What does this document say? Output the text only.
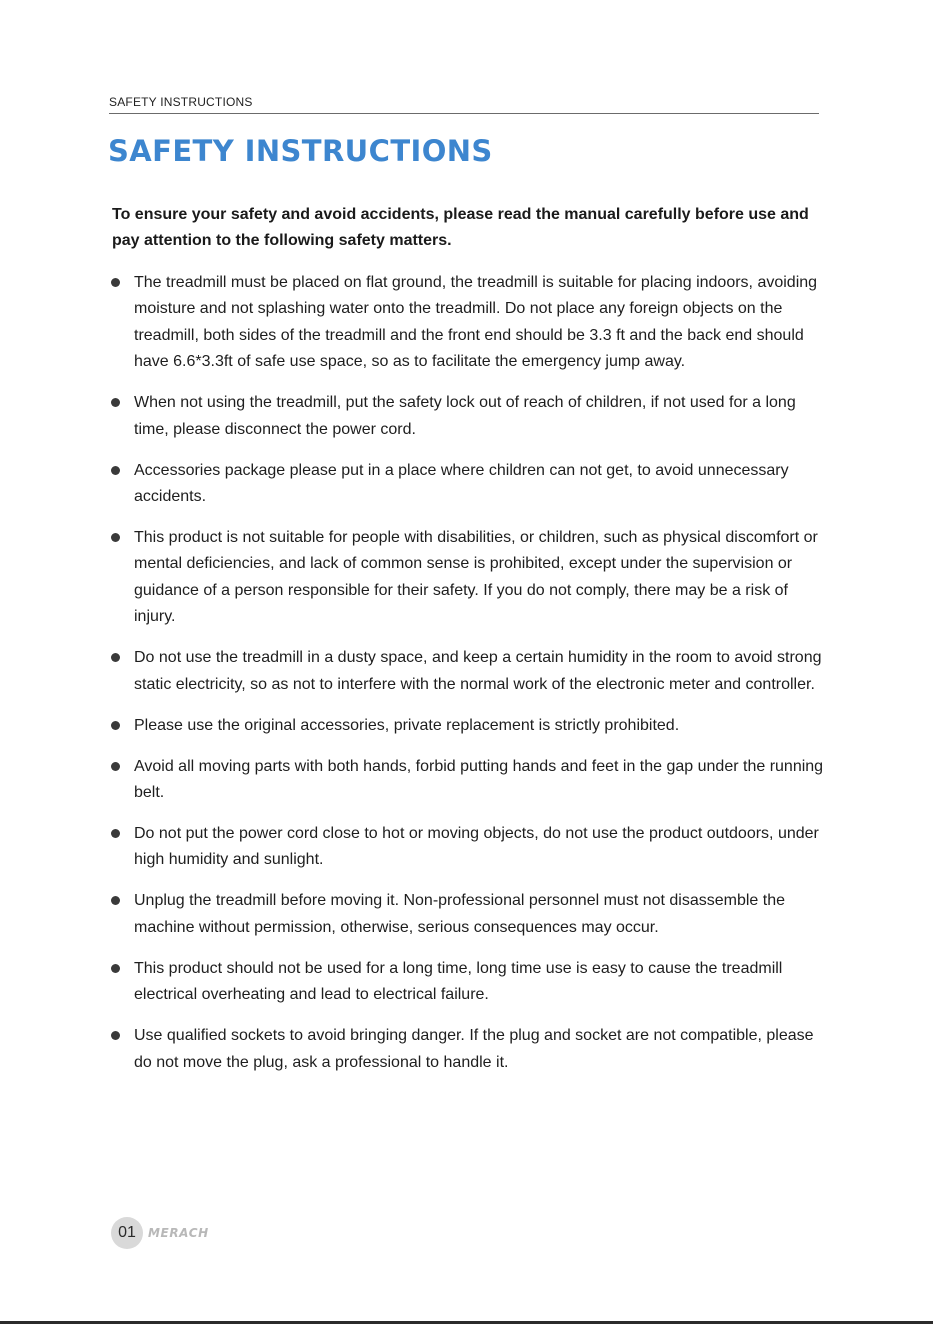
SAFETY INSTRUCTIONS
SAFETY INSTRUCTIONS

To ensure your safety and avoid accidents, please read the manual carefully before use and pay attention to the following safety matters.

The treadmill must be placed on flat ground, the treadmill is suitable for placing indoors, avoiding moisture and not splashing water onto the treadmill. Do not place any foreign objects on the treadmill, both sides of the treadmill and the front end should be 3.3 ft and the back end should have 6.6*3.3ft of safe use space, so as to facilitate the emergency jump away.
When not using the treadmill, put the safety lock out of reach of children, if not used for a long time, please disconnect the power cord.
Accessories package please put in a place where children can not get, to avoid unnecessary accidents.
This product is not suitable for people with disabilities, or children, such as physical discomfort or mental deficiencies, and lack of common sense is prohibited, except under the supervision or guidance of a person responsible for their safety. If you do not comply, there may be a risk of injury.
Do not use the treadmill in a dusty space, and keep a certain humidity in the room to avoid strong static electricity, so as not to interfere with the normal work of the electronic meter and controller.
Please use the original accessories, private replacement is strictly prohibited.
Avoid all moving parts with both hands, forbid putting hands and feet in the gap under the running belt.
Do not put the power cord close to hot or moving objects, do not use the product outdoors, under high humidity and sunlight.
Unplug the treadmill before moving it. Non-professional personnel must not disassemble the machine without permission, otherwise, serious consequences may occur.
This product should not be used for a long time, long time use is easy to cause the treadmill electrical overheating and lead to electrical failure.
Use qualified sockets to avoid bringing danger. If the plug and socket are not compatible, please do not move the plug, ask a professional to handle it.
01	MERACH
